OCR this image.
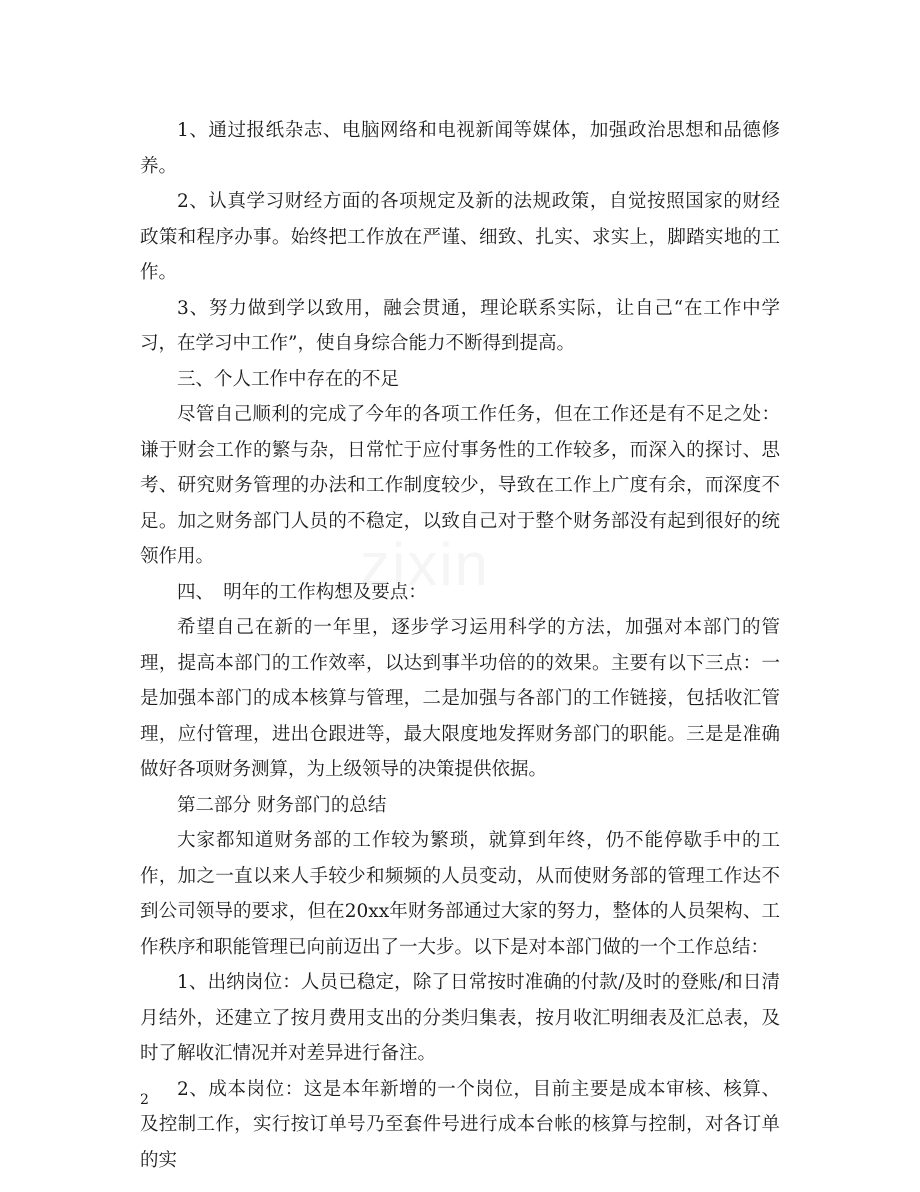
1、通过报纸杂志、电脑网络和电视新闻等媒体，加强政治思想和品德修养。

2、认真学习财经方面的各项规定及新的法规政策，自觉按照国家的财经政策和程序办事。始终把工作放在严谨、细致、扎实、求实上，脚踏实地的工作。

3、努力做到学以致用，融会贯通，理论联系实际，让自己“在工作中学习，在学习中工作”，使自身综合能力不断得到提高。

三、个人工作中存在的不足

尽管自己顺利的完成了今年的各项工作任务，但在工作还是有不足之处：谦于财会工作的繁与杂，日常忙于应付事务性的工作较多，而深入的探讨、思考、研究财务管理的办法和工作制度较少，导致在工作上广度有余，而深度不足。加之财务部门人员的不稳定，以致自己对于整个财务部没有起到很好的统领作用。

四、　明年的工作构想及要点：

希望自己在新的一年里，逐步学习运用科学的方法，加强对本部门的管理，提高本部门的工作效率，以达到事半功倍的的效果。主要有以下三点：一是加强本部门的成本核算与管理，二是加强与各部门的工作链接，包括收汇管理，应付管理，进出仓跟进等，最大限度地发挥财务部门的职能。三是是准确做好各项财务测算，为上级领导的决策提供依据。

第二部分 财务部门的总结

大家都知道财务部的工作较为繁琐，就算到年终，仍不能停歇手中的工作，加之一直以来人手较少和频频的人员变动，从而使财务部的管理工作达不到公司领导的要求，但在20xx年财务部通过大家的努力，整体的人员架构、工作秩序和职能管理已向前迈出了一大步。以下是对本部门做的一个工作总结：

1、出纳岗位：人员已稳定，除了日常按时准确的付款/及时的登账/和日清月结外，还建立了按月费用支出的分类归集表，按月收汇明细表及汇总表，及时了解收汇情况并对差异进行备注。

2、成本岗位：这是本年新增的一个岗位，目前主要是成本审核、核算、及控制工作，实行按订单号乃至套件号进行成本台帐的核算与控制，对各订单的实

zixin
2
